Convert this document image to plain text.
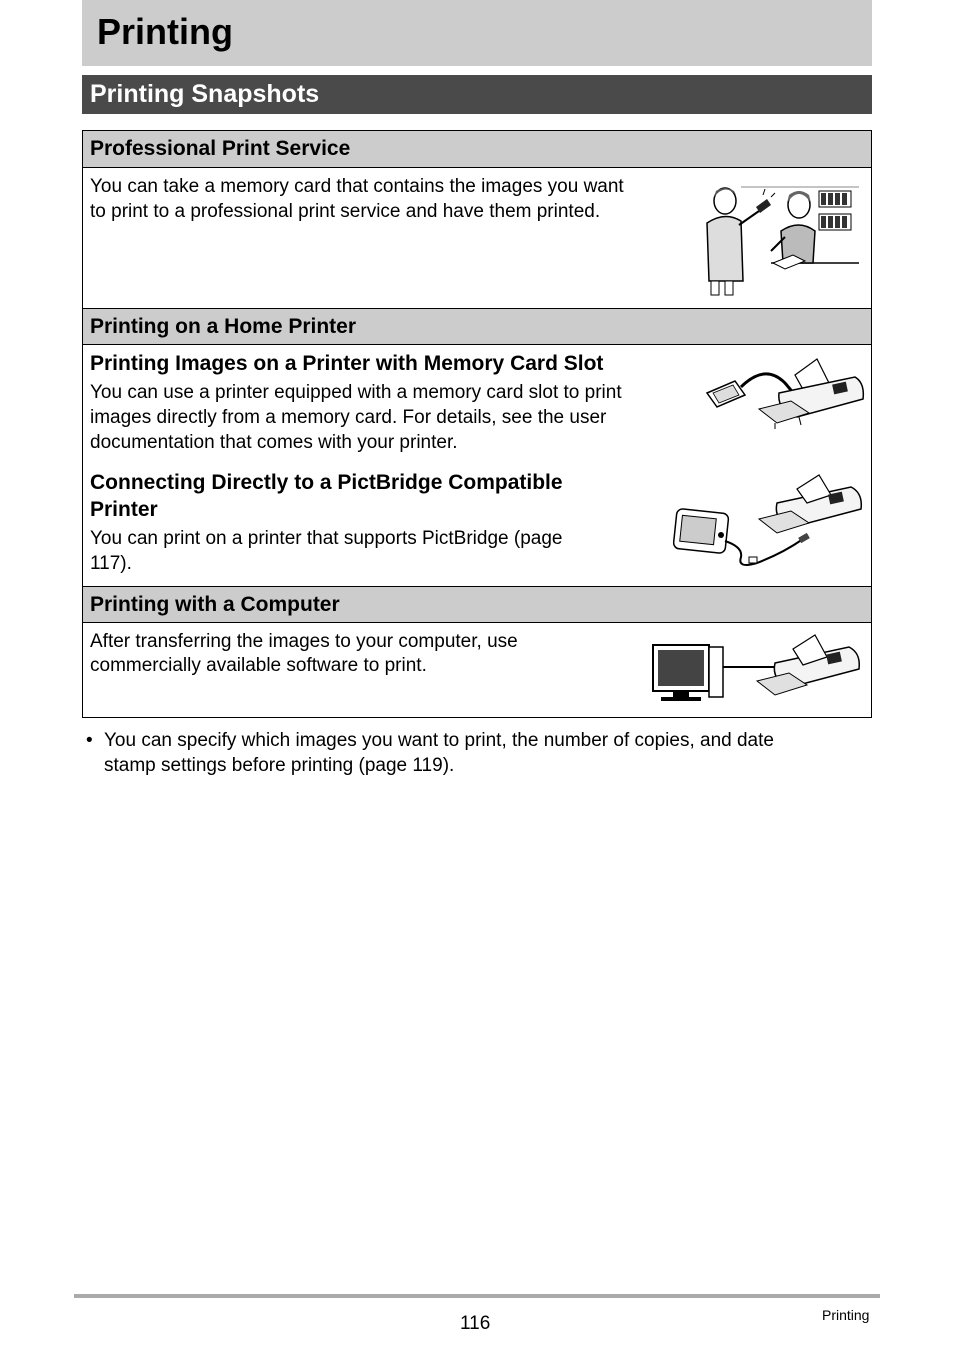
Printing
Printing Snapshots
Professional Print Service
You can take a memory card that contains the images you want
to print to a professional print service and have them printed.
Printing on a Home Printer
Printing Images on a Printer with Memory Card Slot
You can use a printer equipped with a memory card slot to print
images directly from a memory card. For details, see the user
documentation that comes with your printer.
Connecting Directly to a PictBridge Compatible
Printer
You can print on a printer that supports PictBridge (page
117).
Printing with a Computer
After transferring the images to your computer, use
commercially available software to print.
• You can specify which images you want to print, the number of copies, and date
stamp settings before printing (page 119).
116	Printing
